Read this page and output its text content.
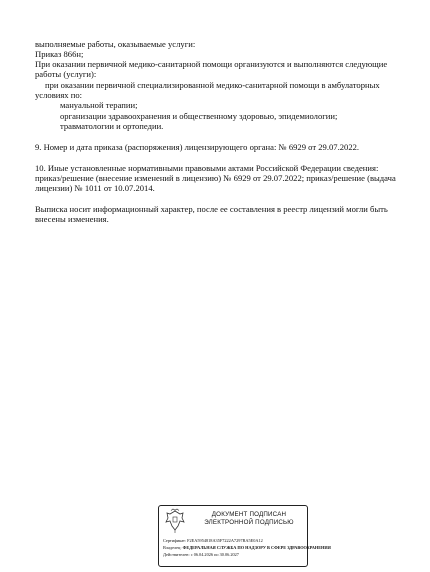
выполняемые работы, оказываемые услуги:
Приказ 866н;
При оказании первичной медико-санитарной помощи организуются и выполняются следующие
работы (услуги):
при оказании первичной специализированной медико-санитарной помощи в амбулаторных
условиях по:
мануальной терапии;
организации здравоохранения и общественному здоровью, эпидемиологии;
травматологии и ортопедии.
9. Номер и дата приказа (распоряжения) лицензирующего органа: № 6929 от 29.07.2022.
10. Иные установленные нормативными правовыми актами Российской Федерации сведения:
приказ/решение (внесение изменений в лицензию) № 6929 от 29.07.2022; приказ/решение (выдача
лицензии) № 1011 от 10.07.2014.
Выписка носит информационный характер, после ее составления в реестр лицензий могли быть
внесены изменения.
ДОКУМЕНТ ПОДПИСАН
ЭЛЕКТРОННОЙ ПОДПИСЬЮ
Сертификат: F2EA5954818A35F7222A7297BA5E0A12
Владелец: ФЕДЕРАЛЬНАЯ СЛУЖБА ПО НАДЗОРУ В СФЕРЕ ЗДРАВООХРАНЕНИЯ
Действителен: с 06.04.2026 по 30.06.2027
